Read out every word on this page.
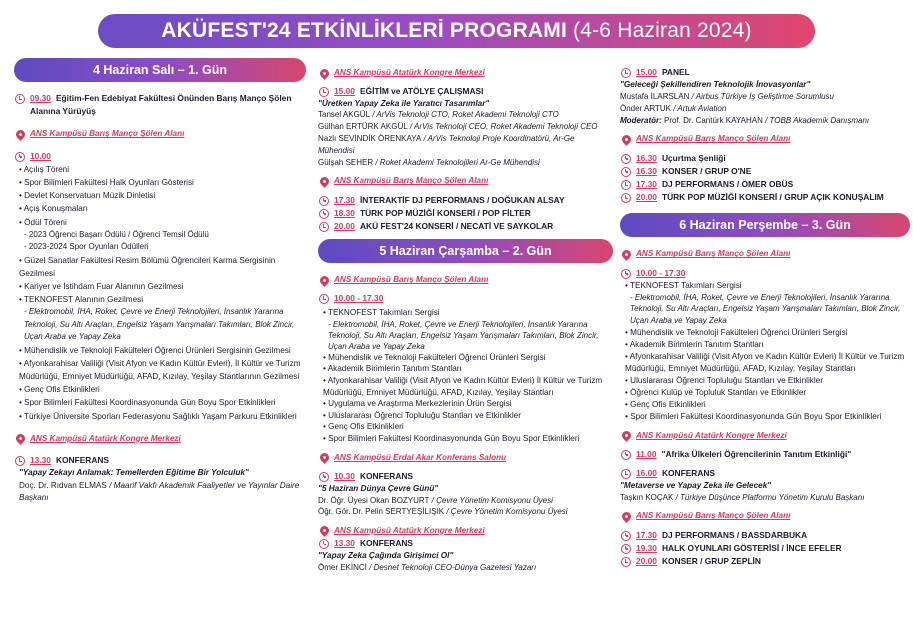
AKÜFEST'24 ETKİNLİKLERİ PROGRAMI (4-6 Haziran 2024)
4 Haziran Salı – 1. Gün
09.30 Eğitim-Fen Edebiyat Fakültesi Önünden Barış Manço Şölen Alanına Yürüyüş
ANS Kampüsü Barış Manço Şölen Alanı
10.00
• Açılış Töreni
• Spor Bilimleri Fakültesi Halk Oyunları Gösterisi
• Devlet Konservatuarı Müzik Dinletisi
• Açış Konuşmaları
• Ödül Töreni
- 2023 Öğrenci Başarı Ödülü / Öğrenci Temsil Ödülü
- 2023-2024 Spor Oyunları Ödülleri
• Güzel Sanatlar Fakültesi Resim Bölümü Öğrencileri Karma Sergisinin Gezilmesi
• Kariyer ve İstihdam Fuar Alanının Gezilmesi
• TEKNOFEST Alanının Gezilmesi
- Elektromobil, İHA, Roket, Çevre ve Enerji Teknolojileri, İnsanlık Yararına Teknoloji, Su Altı Araçları, Engelsiz Yaşam Yarışmaları Takımları, Blok Zincir, Uçan Araba ve Yapay Zeka
• Mühendislik ve Teknoloji Fakülteleri Öğrenci Ürünleri Sergisinin Gezilmesi
• Afyonkarahisar Valiliği (Visit Afyon ve Kadın Kültür Evleri), İl Kültür ve Turizm Müdürlüğü, Emniyet Müdürlüğü, AFAD, Kızılay, Yeşilay Stantlarının Gezilmesi
• Genç Ofis Etkinlikleri
• Spor Bilimleri Fakültesi Koordinasyonunda Gün Boyu Spor Etkinlikleri
• Türkiye Üniversite Sporları Federasyonu Sağlıklı Yaşam Parkuru Etkinlikleri
ANS Kampüsü Atatürk Kongre Merkezi
13.30 KONFERANS
"Yapay Zekayı Anlamak: Temellerden Eğitime Bir Yolculuk"
Doç. Dr. Rıdvan ELMAS / Maarif Vakfı Akademik Faaliyetler ve Yayınlar Daire Başkanı
ANS Kampüsü Atatürk Kongre Merkezi
15.00 EĞİTİM ve ATÖLYE ÇALIŞMASI
"Üretken Yapay Zeka ile Yaratıcı Tasarımlar"
Tansel AKGÜL / ArVis Teknoloji CTO, Roket Akademi Teknoloji CTO
Gülhan ERTÜRK AKGÜL / ArVis Teknoloji CEO, Roket Akademi Teknoloji CEO
Nazlı SEVİNDİK ÖRENKAYA / ArVis Teknoloji Proje Koordinatörü, Ar-Ge Mühendisi
Gülşah SEHER / Roket Akademi Teknolojileri Ar-Ge Mühendisi
ANS Kampüsü Barış Manço Şölen Alanı
17.30 İNTERAKTİF DJ PERFORMANS / DOĞUKAN ALSAY
18.30 TÜRK POP MÜZİĞİ KONSERİ / POP FİLTER
20.00 AKÜ FEST'24 KONSERİ / NECATİ VE SAYKOLAR
5 Haziran Çarşamba – 2. Gün
ANS Kampüsü Barış Manço Şölen Alanı
10.00 - 17.30
• TEKNOFEST Takımları Sergisi
- Elektromobil, İHA, Roket, Çevre ve Enerji Teknolojileri, İnsanlık Yararına Teknoloji, Su Altı Araçları, Engelsiz Yaşam Yarışmaları Takımları, Blok Zincir, Uçan Araba ve Yapay Zeka
• Mühendislik ve Teknoloji Fakülteleri Öğrenci Ürünleri Sergisi
• Akademik Birimlerin Tanıtım Stantları
• Afyonkarahisar Valiliği (Visit Afyon ve Kadın Kültür Evleri) İl Kültür ve Turizm Müdürlüğü, Emniyet Müdürlüğü, AFAD, Kızılay, Yeşilay Stantları
• Uygulama ve Araştırma Merkezlerinin Ürün Sergisi
• Uluslararası Öğrenci Topluluğu Stantları ve Etkinlikler
• Genç Ofis Etkinlikleri
• Spor Bilimleri Fakültesi Koordinasyonunda Gün Boyu Spor Etkinlikleri
ANS Kampüsü Erdal Akar Konferans Salonu
10.30 KONFERANS
"5 Haziran Dünya Çevre Günü"
Dr. Öğr. Üyesi Okan BOZYURT / Çevre Yönetim Komisyonu Üyesi
Öğr. Gör. Dr. Pelin SERTYEŞİLIŞIK / Çevre Yönetim Komisyonu Üyesi
ANS Kampüsü Atatürk Kongre Merkezi
13.30 KONFERANS
"Yapay Zeka Çağında Girişimci Ol"
Ömer EKİNCİ / Desnet Teknoloji CEO-Dünya Gazetesi Yazarı
15.00 PANEL
"Geleceği Şekillendiren Teknolojik İnovasyonlar"
Mustafa İLARSLAN / Airbus Türkiye İş Geliştirme Sorumlusu
Önder ARTUK / Artuk Aviation
Moderatör: Prof. Dr. Cantürk KAYAHAN / TOBB Akademik Danışmanı
ANS Kampüsü Barış Manço Şölen Alanı
16.30 Uçurtma Şenliği
16.30 KONSER / GRUP O'NE
17.30 DJ PERFORMANS / ÖMER OBÜS
20.00 TÜRK POP MÜZİĞİ KONSERİ / GRUP AÇIK KONUŞALIM
6 Haziran Perşembe – 3. Gün
ANS Kampüsü Barış Manço Şölen Alanı
10.00 - 17.30
• TEKNOFEST Takımları Sergisi
- Elektromobil, İHA, Roket, Çevre ve Enerji Teknolojileri, İnsanlık Yararına Teknoloji, Su Altı Araçları, Engelsiz Yaşam Yarışmaları Takımları, Blok Zincir, Uçan Araba ve Yapay Zeka
• Mühendislik ve Teknoloji Fakülteleri Öğrenci Ürünleri Sergisi
• Akademik Birimlerin Tanıtım Stantları
• Afyonkarahisar Valiliği (Visit Afyon ve Kadın Kültür Evleri) İl Kültür ve Turizm Müdürlüğü, Emniyet Müdürlüğü, AFAD, Kızılay, Yeşilay Stantları
• Uluslararası Öğrenci Topluluğu Stantları ve Etkinlikler
• Öğrenci Kulüp ve Topluluk Stantları ve Etkinlikler
• Genç Ofis Etkinlikleri
• Spor Bilimleri Fakültesi Koordinasyonunda Gün Boyu Spor Etkinlikleri
ANS Kampüsü Atatürk Kongre Merkezi
11.00 "Afrika Ülkeleri Öğrencilerinin Tanıtım Etkinliği"
16.00 KONFERANS
"Metaverse ve Yapay Zeka ile Gelecek"
Taşkın KOÇAK / Türkiye Düşünce Platformu Yönetim Kurulu Başkanı
ANS Kampüsü Barış Manço Şölen Alanı
17.30 DJ PERFORMANS / BASSDARBUKA
19.30 HALK OYUNLARI GÖSTERİSİ / İNCE EFELER
20.00 KONSER / GRUP ZEPLİN
